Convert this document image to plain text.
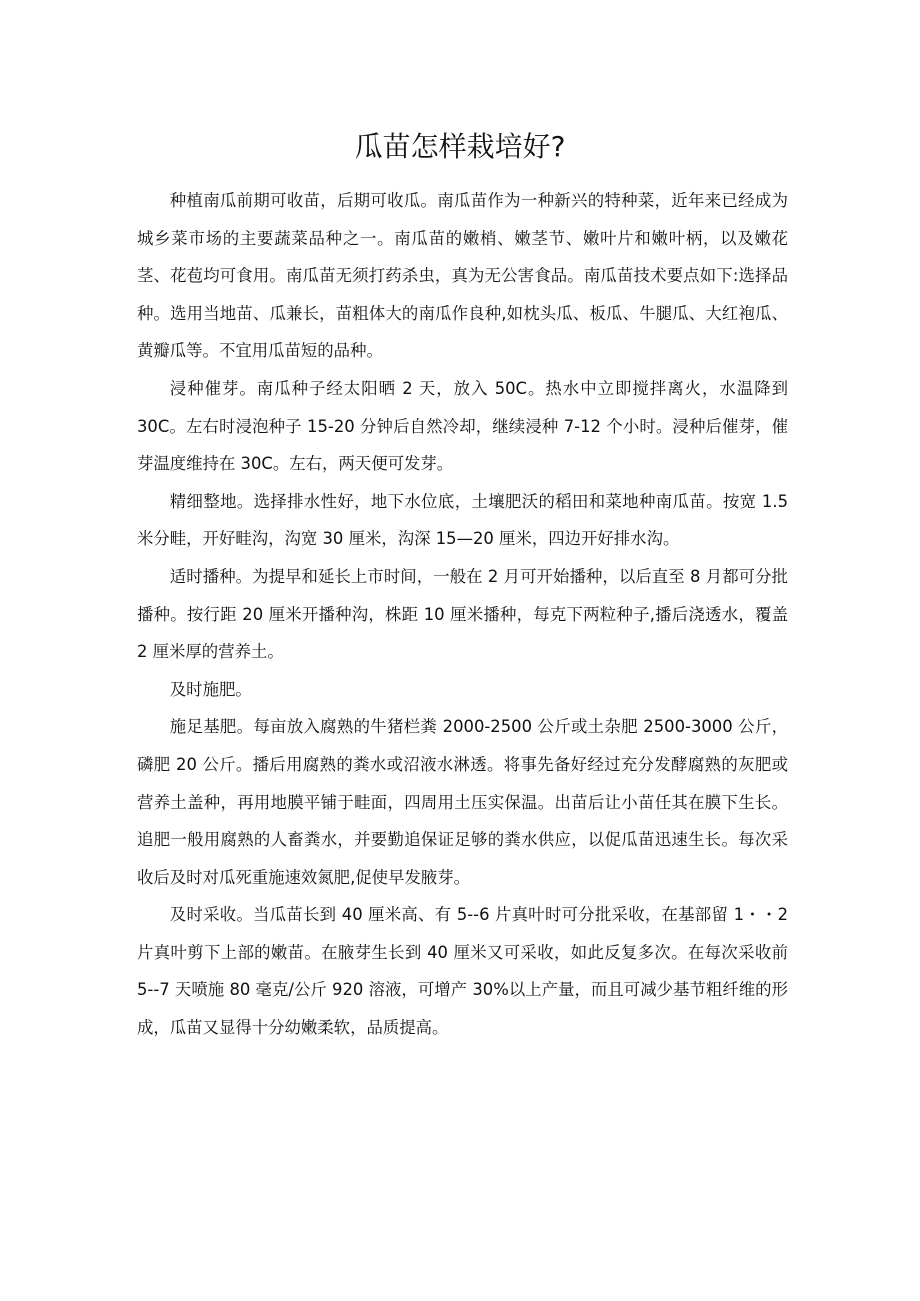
瓜苗怎样栽培好?

种植南瓜前期可收苗，后期可收瓜。南瓜苗作为一种新兴的特种菜，近年来已经成为城乡菜市场的主要蔬菜品种之一。南瓜苗的嫩梢、嫩茎节、嫩叶片和嫩叶柄，以及嫩花茎、花苞均可食用。南瓜苗无须打药杀虫，真为无公害食品。南瓜苗技术要点如下:选择品种。选用当地苗、瓜兼长，苗粗体大的南瓜作良种,如枕头瓜、板瓜、牛腿瓜、大红袍瓜、黄瓣瓜等。不宜用瓜苗短的品种。

浸种催芽。南瓜种子经太阳晒 2 天，放入 50C。热水中立即搅拌离火，水温降到 30C。左右时浸泡种子 15-20 分钟后自然冷却，继续浸种 7-12 个小时。浸种后催芽，催芽温度维持在 30C。左右，两天便可发芽。

精细整地。选择排水性好，地下水位底，土壤肥沃的稻田和菜地种南瓜苗。按宽 1.5 米分畦，开好畦沟，沟宽 30 厘米，沟深 15—20 厘米，四边开好排水沟。

适时播种。为提早和延长上市时间，一般在 2 月可开始播种，以后直至 8 月都可分批播种。按行距 20 厘米开播种沟，株距 10 厘米播种，每克下两粒种子,播后浇透水，覆盖 2 厘米厚的营养土。

及时施肥。

施足基肥。每亩放入腐熟的牛猪栏粪 2000-2500 公斤或土杂肥 2500-3000 公斤，磷肥 20 公斤。播后用腐熟的粪水或沼液水淋透。将事先备好经过充分发酵腐熟的灰肥或营养土盖种，再用地膜平铺于畦面，四周用土压实保温。出苗后让小苗任其在膜下生长。追肥一般用腐熟的人畜粪水，并要勤追保证足够的粪水供应，以促瓜苗迅速生长。每次采收后及时对瓜死重施速效氮肥,促使早发腋芽。

及时采收。当瓜苗长到 40 厘米高、有 5--6 片真叶时可分批采收，在基部留 1・・2 片真叶剪下上部的嫩苗。在腋芽生长到 40 厘米又可采收，如此反复多次。在每次采收前 5--7 天喷施 80 毫克/公斤 920 溶液，可增产 30%以上产量，而且可减少基节粗纤维的形成，瓜苗又显得十分幼嫩柔软，品质提高。
